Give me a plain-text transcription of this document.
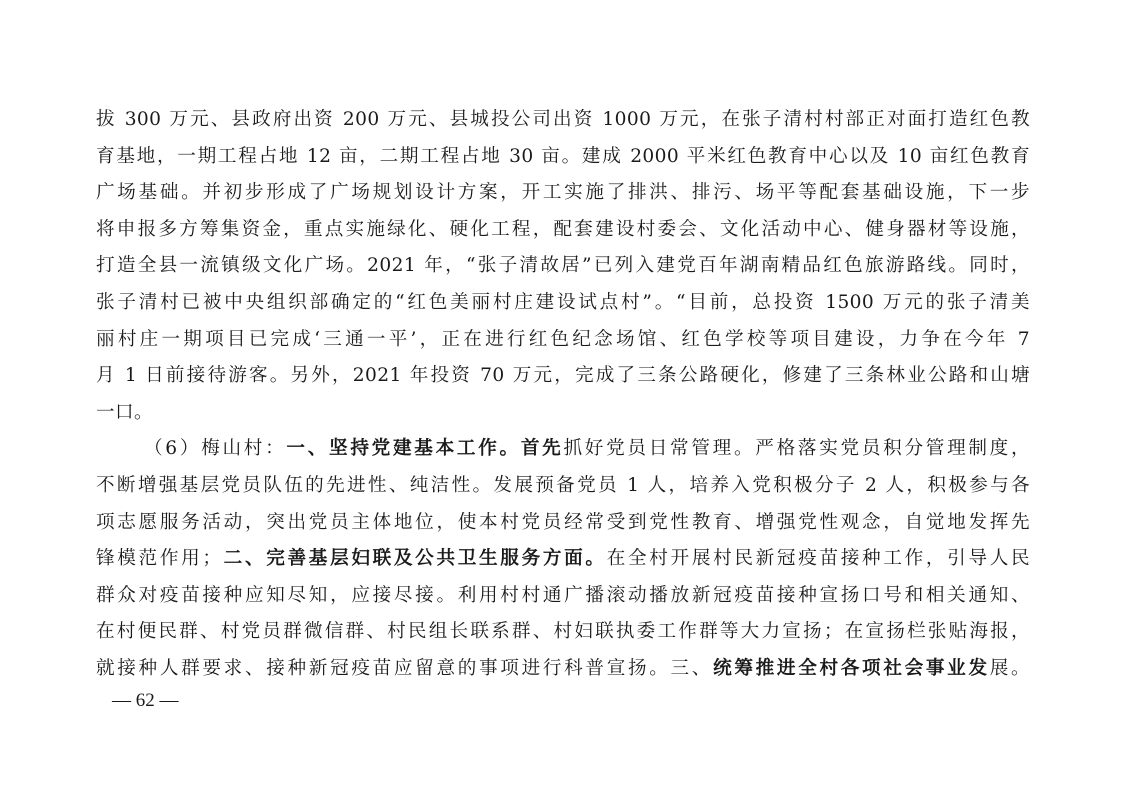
拔 300 万元、县政府出资 200 万元、县城投公司出资 1000 万元，在张子清村村部正对面打造红色教
育基地，一期工程占地 12 亩，二期工程占地 30 亩。建成 2000 平米红色教育中心以及 10 亩红色教育
广场基础。并初步形成了广场规划设计方案，开工实施了排洪、排污、场平等配套基础设施，下一步
将申报多方筹集资金，重点实施绿化、硬化工程，配套建设村委会、文化活动中心、健身器材等设施，
打造全县一流镇级文化广场。2021 年，“张子清故居”已列入建党百年湖南精品红色旅游路线。同时，
张子清村已被中央组织部确定的“红色美丽村庄建设试点村”。“目前，总投资 1500 万元的张子清美
丽村庄一期项目已完成‘三通一平’，正在进行红色纪念场馆、红色学校等项目建设，力争在今年 7
月 1 日前接待游客。另外，2021 年投资 70 万元，完成了三条公路硬化，修建了三条林业公路和山塘
一口。
（6）梅山村：一、坚持党建基本工作。首先抓好党员日常管理。严格落实党员积分管理制度，
不断增强基层党员队伍的先进性、纯洁性。发展预备党员 1 人，培养入党积极分子 2 人，积极参与各
项志愿服务活动，突出党员主体地位，使本村党员经常受到党性教育、增强党性观念，自觉地发挥先
锋模范作用；二、完善基层妇联及公共卫生服务方面。在全村开展村民新冠疫苗接种工作，引导人民
群众对疫苗接种应知尽知，应接尽接。利用村村通广播滚动播放新冠疫苗接种宣扬口号和相关通知、
在村便民群、村党员群微信群、村民组长联系群、村妇联执委工作群等大力宣扬；在宣扬栏张贴海报，
就接种人群要求、接种新冠疫苗应留意的事项进行科普宣扬。三、统筹推进全村各项社会事业发展。
— 62 —
